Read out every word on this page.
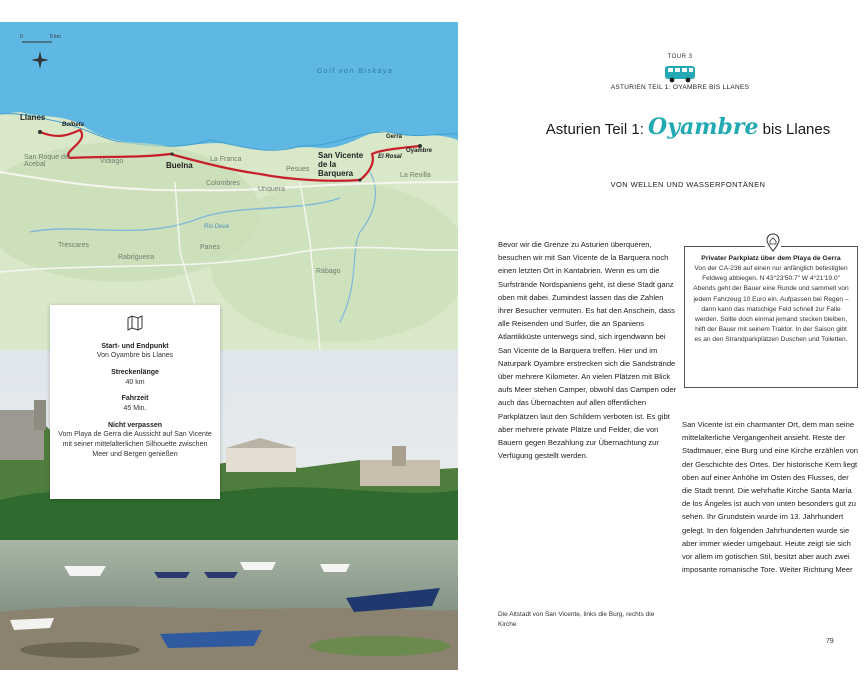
0	5 km
Golf von Biskaya
Llanes
Bolbeta
San Roque del Acebal	Vidiago	Buelna
La Franca
Colombres
Unquera
Pesues
San Vicente de la Barquera
El Rosal
Gerra
Oyambre
La Revilla
Rio Deva
Trescares
Rabrigueira
Panes
Rábago
Start- und Endpunkt
Von Oyambre bis Llanes
Streckenlänge
40 km
Fahrzeit
45 Min.
Nicht verpassen
Vom Playa de Gerra die Aussicht auf San Vicente mit seiner mittelalterlichen Silhouette zwischen Meer und Bergen genießen
TOUR 3
ASTURIEN TEIL 1: OYAMBRE BIS LLANES
Asturien Teil 1: Oyambre bis Llanes
VON WELLEN UND WASSERFONTÄNEN
Bevor wir die Grenze zu Asturien überqueren, besuchen wir mit San Vicente de la Barquera noch einen letzten Ort in Kantabrien. Wenn es um die Surfstrände Nordspaniens geht, ist diese Stadt ganz oben mit dabei. Zumindest lassen das die Zahlen ihrer Besucher vermuten. Es hat den Anschein, dass alle Reisenden und Surfer, die an Spaniens Atlantikküste unterwegs sind, sich irgendwann bei San Vicente de la Barquera treffen. Hier und im Naturpark Oyambre erstrecken sich die Sandstrände über mehrere Kilometer. An vielen Plätzen mit Blick aufs Meer stehen Camper, obwohl das Campen oder auch das Übernachten auf allen öffentlichen Parkplätzen laut den Schildern verboten ist. Es gibt aber mehrere private Plätze und Felder, die von Bauern gegen Bezahlung zur Übernachtung zur Verfügung gestellt werden.
Privater Parkplatz über dem Playa de Gerra
Von der CA-236 auf einen nur anfänglich befestigten Feldweg abbiegen. N 43°23'50.7" W 4°21'19.0" Abends geht der Bauer eine Runde und sammelt von jedem Fahrzeug 10 Euro ein. Aufpassen bei Regen – dann kann das matschige Feld schnell zur Falle werden. Sollte doch einmal jemand stecken bleiben, hilft der Bauer mit seinem Traktor. In der Saison gibt es an den Strandparkplätzen Duschen und Toiletten.
San Vicente ist ein charmanter Ort, dem man seine mittelalterliche Vergangenheit ansieht. Reste der Stadtmauer, eine Burg und eine Kirche erzählen von der Geschichte des Ortes. Der historische Kern liegt oben auf einer Anhöhe im Osten des Flusses, der die Stadt trennt. Die wehrhafte Kirche Santa María de los Ángeles ist auch von unten besonders gut zu sehen. Ihr Grundstein wurde im 13. Jahrhundert gelegt. In den folgenden Jahrhunderten wurde sie aber immer wieder umgebaut. Heute zeigt sie sich vor allem im gotischen Stil, besitzt aber auch zwei imposante romanische Tore. Weiter Richtung Meer
Die Altstadt von San Vicente, links die Burg, rechts die Kirche
79
